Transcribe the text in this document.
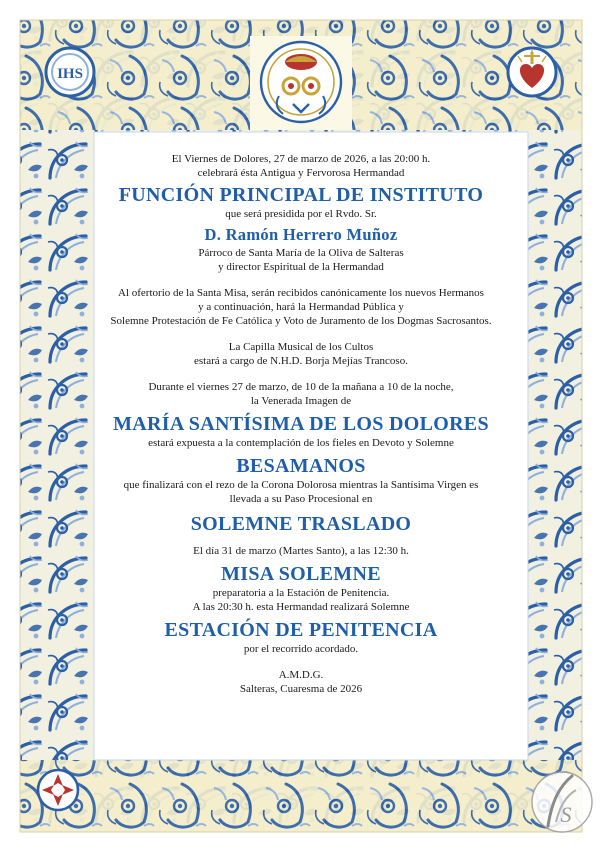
IHS
S

El Viernes de Dolores, 27 de marzo de 2026, a las 20:00 h.

celebrará ésta Antigua y Fervorosa Hermandad

FUNCIÓN PRINCIPAL DE INSTITUTO

que será presidida por el Rvdo. Sr.

D. Ramón Herrero Muñoz

Párroco de Santa María de la Oliva de Salteras

y director Espiritual de la Hermandad

Al ofertorio de la Santa Misa, serán recibidos canónicamente los nuevos Hermanos

y a continuación, hará la Hermandad Pública y

Solemne Protestación de Fe Católica y Voto de Juramento de los Dogmas Sacrosantos.

La Capilla Musical de los Cultos

estará a cargo de N.H.D. Borja Mejías Trancoso.

Durante el viernes 27 de marzo, de 10 de la mañana a 10 de la noche,

la Venerada Imagen de

MARÍA SANTÍSIMA DE LOS DOLORES

estará expuesta a la contemplación de los fieles en Devoto y Solemne

BESAMANOS

que finalizará con el rezo de la Corona Dolorosa mientras la Santísima Virgen es

llevada a su Paso Procesional en

SOLEMNE TRASLADO

El día 31 de marzo (Martes Santo), a las 12:30 h.

MISA SOLEMNE

preparatoria a la Estación de Penitencia.

A las 20:30 h. esta Hermandad realizará Solemne

ESTACIÓN DE PENITENCIA

por el recorrido acordado.

A.M.D.G.

Salteras, Cuaresma de 2026
